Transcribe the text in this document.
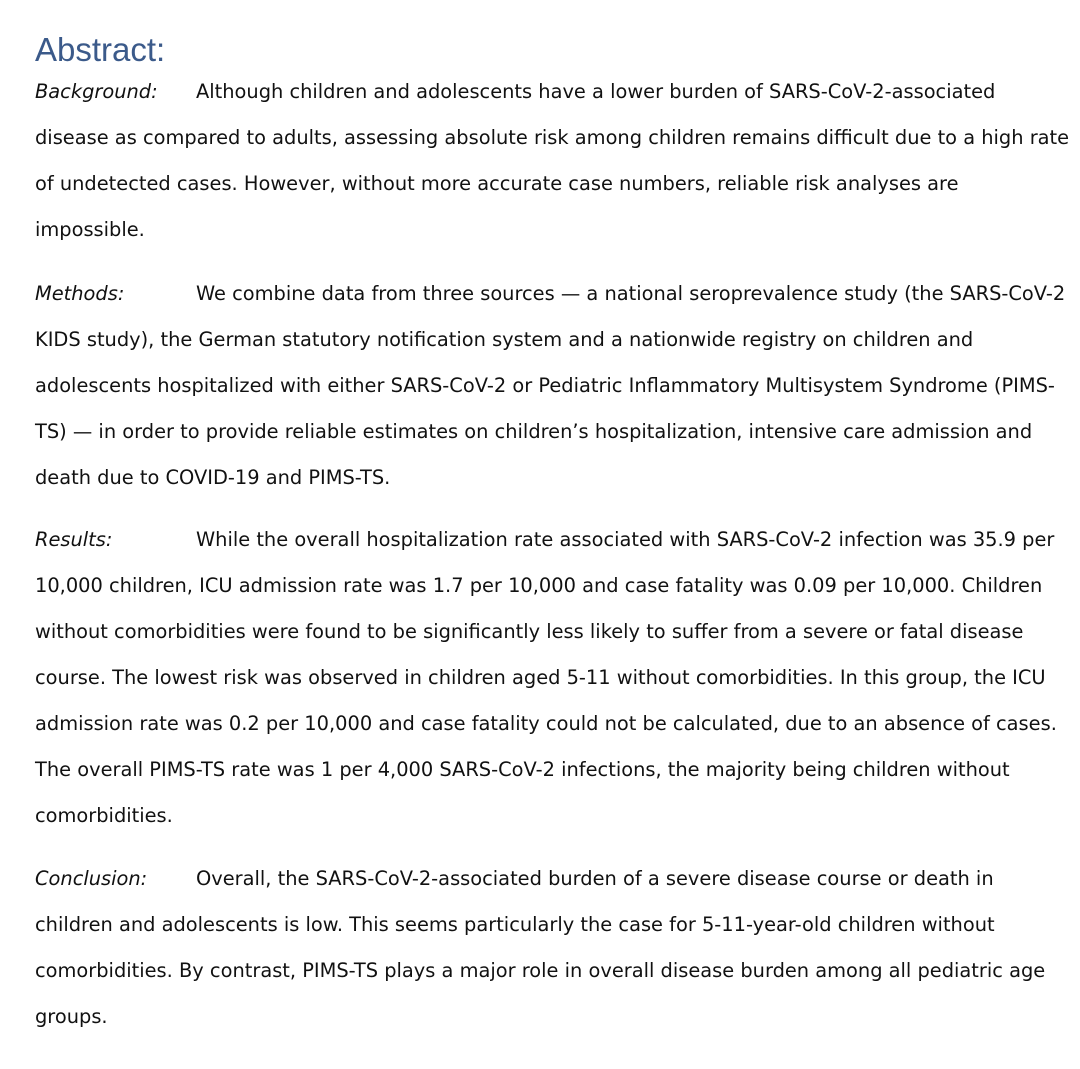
Abstract:

Background: Although children and adolescents have a lower burden of SARS-CoV-2-associated disease as compared to adults, assessing absolute risk among children remains difficult due to a high rate of undetected cases. However, without more accurate case numbers, reliable risk analyses are impossible.

Methods:	We combine data from three sources — a national seroprevalence study (the SARS-CoV-2 KIDS study), the German statutory notification system and a nationwide registry on children and adolescents hospitalized with either SARS-CoV-2 or Pediatric Inflammatory Multisystem Syndrome (PIMS-TS) — in order to provide reliable estimates on children’s hospitalization, intensive care admission and death due to COVID-19 and PIMS-TS.

Results:	While the overall hospitalization rate associated with SARS-CoV-2 infection was 35.9 per 10,000 children, ICU admission rate was 1.7 per 10,000 and case fatality was 0.09 per 10,000. Children without comorbidities were found to be significantly less likely to suffer from a severe or fatal disease course. The lowest risk was observed in children aged 5-11 without comorbidities. In this group, the ICU admission rate was 0.2 per 10,000 and case fatality could not be calculated, due to an absence of cases. The overall PIMS-TS rate was 1 per 4,000 SARS-CoV-2 infections, the majority being children without comorbidities.

Conclusion:	Overall, the SARS-CoV-2-associated burden of a severe disease course or death in children and adolescents is low. This seems particularly the case for 5-11-year-old children without comorbidities. By contrast, PIMS-TS plays a major role in overall disease burden among all pediatric age groups.
